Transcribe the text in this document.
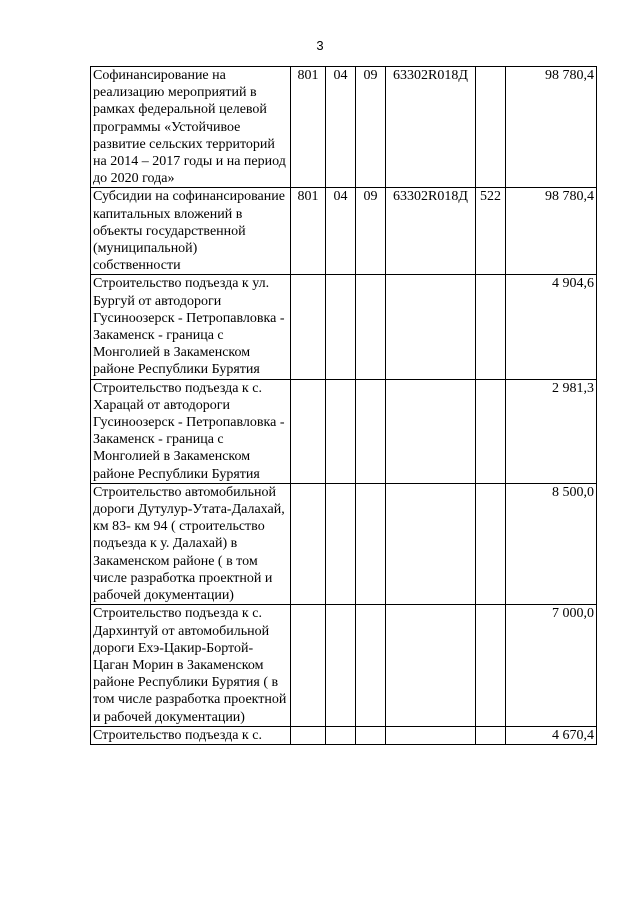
3
Софинансирование на реализацию мероприятий в рамках федеральной целевой программы «Устойчивое развитие сельских территорий на 2014 – 2017 годы и на период до 2020 года»	801	04	09	63302R018Д		98 780,4
Субсидии на софинансирование капитальных вложений в объекты государственной (муниципальной) собственности	801	04	09	63302R018Д	522	98 780,4
Строительство подъезда к ул. Бургуй от автодороги Гусиноозерск - Петропавловка - Закаменск - граница с Монголией в Закаменском районе Республики Бурятия						4 904,6
Строительство подъезда к с. Харацай от автодороги Гусиноозерск - Петропавловка - Закаменск - граница с Монголией в Закаменском районе Республики Бурятия						2 981,3
Строительство автомобильной дороги Дутулур-Утата-Далахай, км 83- км 94 ( строительство подъезда к у. Далахай) в Закаменском районе ( в том числе разработка проектной и рабочей документации)						8 500,0
Строительство подъезда к с. Дархинтуй от автомобильной дороги Ехэ-Цакир-Бортой-Цаган Морин в Закаменском районе Республики Бурятия ( в том числе разработка проектной и рабочей документации)						7 000,0
Строительство подъезда к с.						4 670,4
